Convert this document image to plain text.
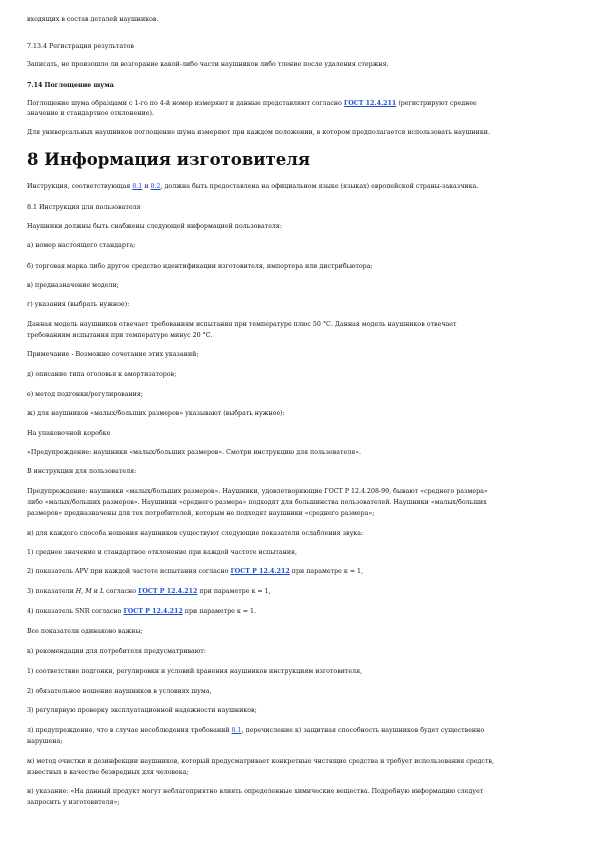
входящих в состав деталей наушников.
7.13.4 Регистрация результатов
Записать, не произошло ли возгорание какой-либо части наушников либо тление после удаления стержня.
7.14 Поглощение шума
Поглощение шума образцами с 1-го по 4-й номер измеряют и данные представляют согласно ГОСТ 12.4.211 (регистрируют среднее
значение и стандартное отклонение).
Для универсальных наушников поглощение шума измеряют при каждом положении, в котором предполагается использовать наушники.
8 Информация изготовителя
Инструкция, соответствующая 8.1 и 8.2, должна быть предоставлена на официальном языке (языках) европейской страны-заказчика.
8.1 Инструкция для пользователя
Наушники должны быть снабжены следующей информацией пользователя:
а) номер настоящего стандарта;
б) торговая марка либо другое средство идентификации изготовителя, импортера или дистрибьютора;
в) предназначение модели;
г) указания (выбрать нужное):
Данная модель наушников отвечает требованиям испытания при температуре плюс 50 °С. Данная модель наушников отвечает
требованиям испытания при температуре минус 20 °С.
Примечание - Возможно сочетание этих указаний;
д) описание типа оголовья к амортизаторов;
е) метод подгонки/регулирования;
ж) для наушников «малых/больших размеров» указывают (выбрать нужное):
На упаковочной коробке
«Предупреждение: наушники «малых/больших размеров». Смотри инструкцию для пользователя».
В инструкции для пользователя:
Предупреждение: наушники «малых/больших размеров». Наушники, удовлетворяющие ГОСТ Р 12.4.208-99, бывают «среднего размера»
либо «малых/больших размеров». Наушники «среднего размера» подходят для большинства пользователей. Наушники «малых/больших
размеров» предназначены для тех потребителей, которым не подходят наушники «среднего размера»;
и) для каждого способа ношения наушников существуют следующие показатели ослабления звука:
1) среднее значение и стандартное отклонение при каждой частоте испытания,
2) показатель APV при каждой частоте испытания согласно ГОСТ Р 12.4.212 при параметре к = 1,
3) показатели Н, М и L согласно ГОСТ Р 12.4.212 при параметре к = 1,
4) показатель SNR согласно ГОСТ Р 12.4.212 при параметре к = 1.
Все показатели одинаково важны;
к) рекомендации для потребителя предусматривают:
1) соответствие подгонки, регулировки и условий хранения наушников инструкциям изготовителя,
2) обязательное ношение наушников в условиях шума,
3) регулярную проверку эксплуатационной надежности наушников;
л) предупреждение, что в случае несоблюдения требований 8.1, перечисление к) защитная способность наушников будет существенно
нарушена;
м) метод очистки и дезинфекции наушников, который предусматривает конкретные чистящие средства и требует использования средств,
известных в качестве безвредных для человека;
н) указание: «На данный продукт могут неблагоприятно влиять определенные химические вещества. Подробную информацию следует
запросить у изготовителя»;
